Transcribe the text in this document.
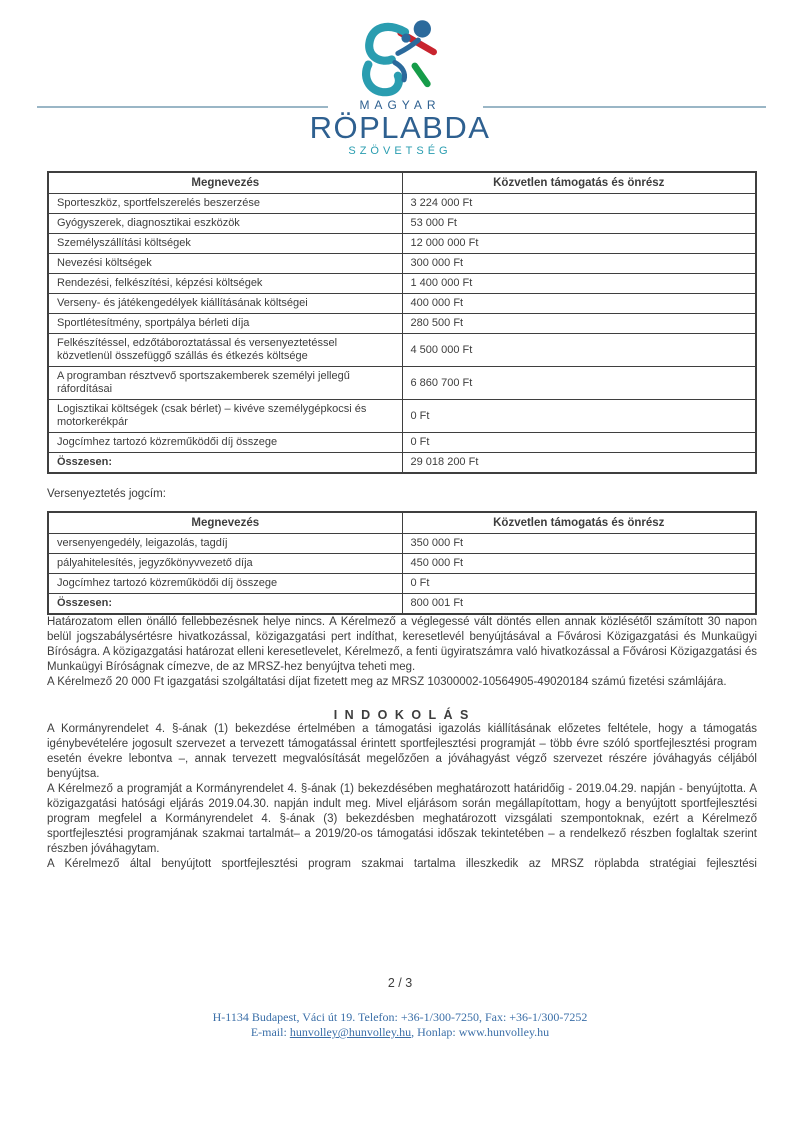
MAGYAR
RÖPLABDA
SZÖVETSÉG
Megnevezés	Közvetlen támogatás és önrész
Sporteszköz, sportfelszerelés beszerzése	3 224 000 Ft
Gyógyszerek, diagnosztikai eszközök	53 000 Ft
Személyszállítási költségek	12 000 000 Ft
Nevezési költségek	300 000 Ft
Rendezési, felkészítési, képzési költségek	1 400 000 Ft
Verseny- és játékengedélyek kiállításának költségei	400 000 Ft
Sportlétesítmény, sportpálya bérleti díja	280 500 Ft
Felkészítéssel, edzőtáboroztatással és versenyeztetéssel közvetlenül összefüggő szállás és étkezés költsége	4 500 000 Ft
A programban résztvevő sportszakemberek személyi jellegű ráfordításai	6 860 700 Ft
Logisztikai költségek (csak bérlet) – kivéve személygépkocsi és motorkerékpár	0 Ft
Jogcímhez tartozó közreműködői díj összege	0 Ft
Összesen:	29 018 200 Ft

Versenyeztetés jogcím:

Megnevezés	Közvetlen támogatás és önrész
versenyengedély, leigazolás, tagdíj	350 000 Ft
pályahitelesítés, jegyzőkönyvvezető díja	450 000 Ft
Jogcímhez tartozó közreműködői díj összege	0 Ft
Összesen:	800 001 Ft

Határozatom ellen önálló fellebbezésnek helye nincs. A Kérelmező a véglegessé vált döntés ellen annak közlésétől számított 30 napon belül jogszabálysértésre hivatkozással, közigazgatási pert indíthat, keresetlevél benyújtásával a Fővárosi Közigazgatási és Munkaügyi Bíróságra. A közigazgatási határozat elleni keresetlevelet, Kérelmező, a fenti ügyiratszámra való hivatkozással a Fővárosi Közigazgatási és Munkaügyi Bíróságnak címezve, de az MRSZ-hez benyújtva teheti meg.

A Kérelmező 20 000 Ft igazgatási szolgáltatási díjat fizetett meg az MRSZ 10300002-10564905-49020184 számú fizetési számlájára.

I N D O K O L Á S

A Kormányrendelet 4. §-ának (1) bekezdése értelmében a támogatási igazolás kiállításának előzetes feltétele, hogy a támogatás igénybevételére jogosult szervezet a tervezett támogatással érintett sportfejlesztési programját – több évre szóló sportfejlesztési program esetén évekre lebontva –, annak tervezett megvalósítását megelőzően a jóváhagyást végző szervezet részére jóváhagyás céljából benyújtsa.

A Kérelmező a programját a Kormányrendelet 4. §-ának (1) bekezdésében meghatározott határidőig - 2019.04.29. napján - benyújtotta. A közigazgatási hatósági eljárás 2019.04.30. napján indult meg. Mivel eljárásom során megállapítottam, hogy a benyújtott sportfejlesztési program megfelel a Kormányrendelet 4. §-ának (3) bekezdésben meghatározott vizsgálati szempontoknak, ezért a Kérelmező sportfejlesztési programjának szakmai tartalmát– a 2019/20-os támogatási időszak tekintetében – a rendelkező részben foglaltak szerint részben jóváhagytam.

A Kérelmező által benyújtott sportfejlesztési program szakmai tartalma illeszkedik az MRSZ röplabda stratégiai fejlesztési

2 / 3
H-1134 Budapest, Váci út 19. Telefon: +36-1/300-7250, Fax: +36-1/300-7252
E-mail: hunvolley@hunvolley.hu, Honlap: www.hunvolley.hu
